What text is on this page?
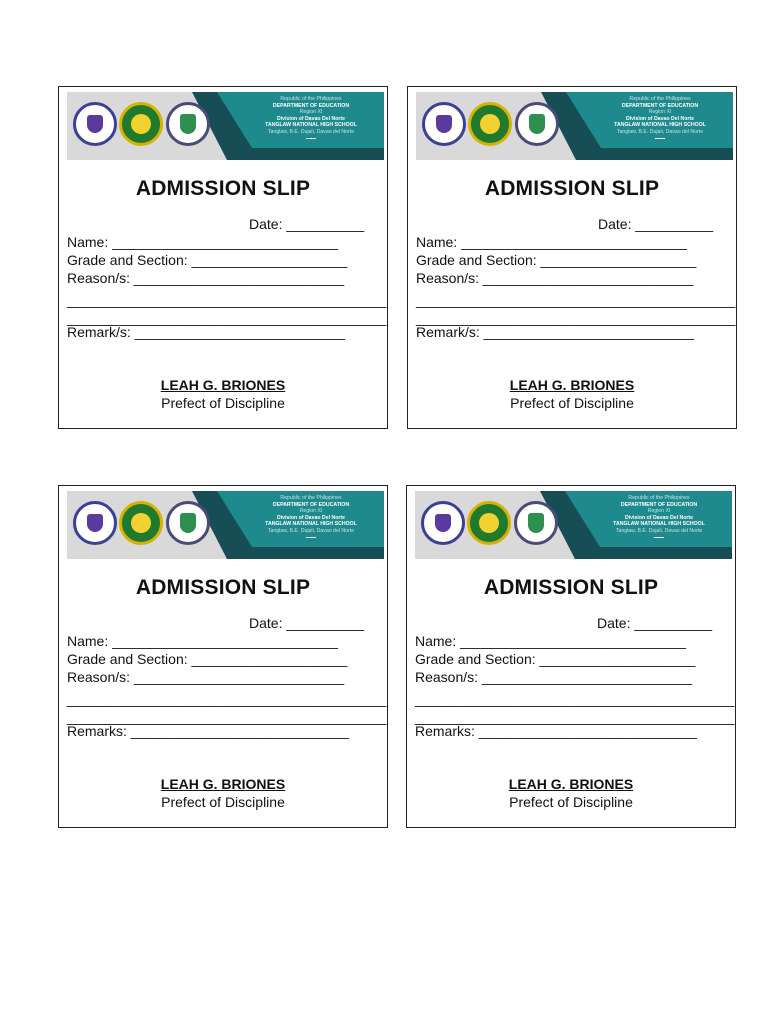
Republic of the Philippines
DEPARTMENT OF EDUCATION
Region XI
Division of Davao Del Norte
TANGLAW NATIONAL HIGH SCHOOL
Tanglaw, B.E. Dujali, Davao del Norte
ADMISSION SLIP
Date: __________
Name: _____________________________
Grade and Section: ____________________
Reason/s: ___________________________
_________________________________________
_________________________________________
Remark/s: ___________________________
LEAH G. BRIONES
Prefect of Discipline
Republic of the Philippines
DEPARTMENT OF EDUCATION
Region XI
Division of Davao Del Norte
TANGLAW NATIONAL HIGH SCHOOL
Tanglaw, B.E. Dujali, Davao del Norte
ADMISSION SLIP
Date: __________
Name: _____________________________
Grade and Section: ____________________
Reason/s: ___________________________
_________________________________________
_________________________________________
Remark/s: ___________________________
LEAH G. BRIONES
Prefect of Discipline
Republic of the Philippines
DEPARTMENT OF EDUCATION
Region XI
Division of Davao Del Norte
TANGLAW NATIONAL HIGH SCHOOL
Tanglaw, B.E. Dujali, Davao del Norte
ADMISSION SLIP
Date: __________
Name: _____________________________
Grade and Section: ____________________
Reason/s: ___________________________
_________________________________________
_________________________________________
Remarks: ____________________________
LEAH G. BRIONES
Prefect of Discipline
Republic of the Philippines
DEPARTMENT OF EDUCATION
Region XI
Division of Davao Del Norte
TANGLAW NATIONAL HIGH SCHOOL
Tanglaw, B.E. Dujali, Davao del Norte
ADMISSION SLIP
Date: __________
Name: _____________________________
Grade and Section: ____________________
Reason/s: ___________________________
_________________________________________
_________________________________________
Remarks: ____________________________
LEAH G. BRIONES
Prefect of Discipline
